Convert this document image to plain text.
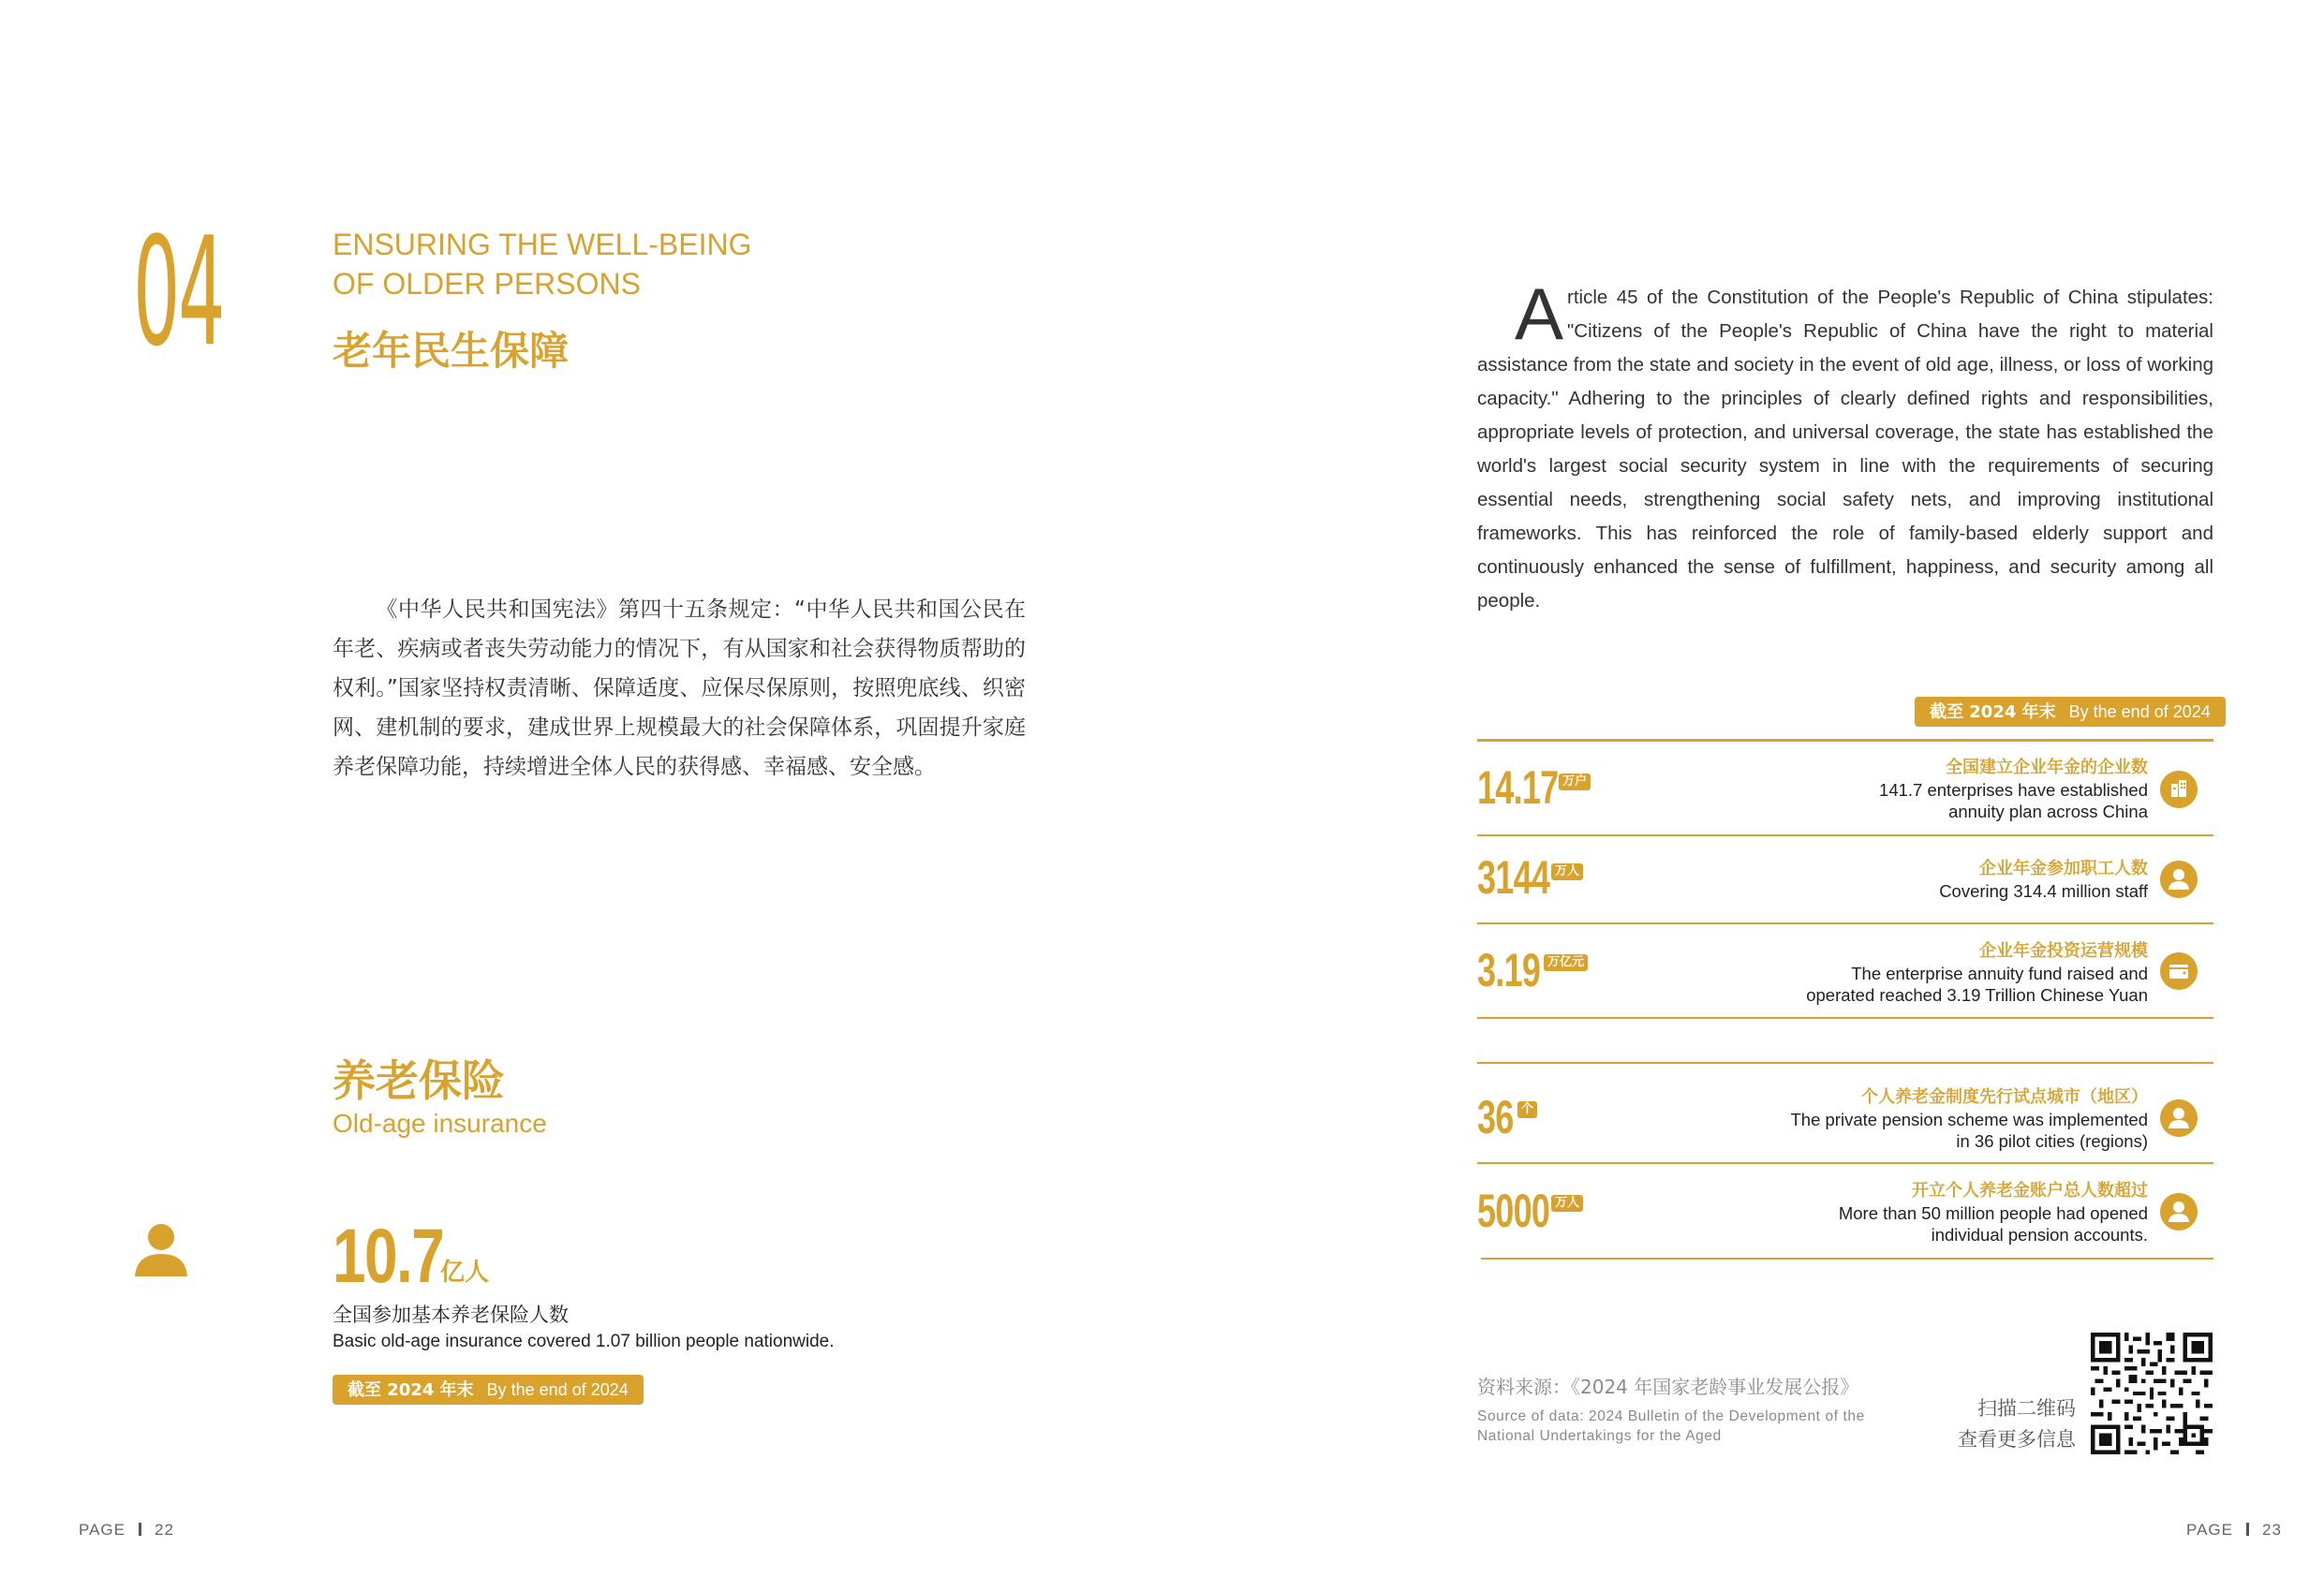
04	ENSURING THE WELL-BEING
OF OLDER PERSONS
老年民生保障
《中华人民共和国宪法》第四十五条规定：“中华人民共和国公民在年老、疾病或者丧失劳动能力的情况下，有从国家和社会获得物质帮助的权利。”国家坚持权责清晰、保障适度、应保尽保原则，按照兜底线、织密网、建机制的要求，建成世界上规模最大的社会保障体系，巩固提升家庭养老保障功能，持续增进全体人民的获得感、幸福感、安全感。
养老保险
Old-age insurance
10.7
亿人
全国参加基本养老保险人数
Basic old-age insurance covered 1.07 billion people nationwide.
截至 2024 年末 By the end of 2024
PAGE 22
Article 45 of the Constitution of the People's Republic of China stipulates: "Citizens of the People's Republic of China have the right to material assistance from the state and society in the event of old age, illness, or loss of working capacity." Adhering to the principles of clearly defined rights and responsibilities, appropriate levels of protection, and universal coverage, the state has established the world's largest social security system in line with the requirements of securing essential needs, strengthening social safety nets, and improving institutional frameworks. This has reinforced the role of family-based elderly support and continuously enhanced the sense of fulfillment, happiness, and security among all people.
截至 2024 年末 By the end of 2024
14.17 万户
全国建立企业年金的企业数
141.7 enterprises have established
annuity plan across China
3144 万人	企业年金参加职工人数
Covering 314.4 million staff
3.19 万亿元
企业年金投资运营规模
The enterprise annuity fund raised and
operated reached 3.19 Trillion Chinese Yuan
36 个
个人养老金制度先行试点城市（地区）
The private pension scheme was implemented
in 36 pilot cities (regions)
5000 万人
开立个人养老金账户总人数超过
More than 50 million people had opened
individual pension accounts.
资料来源：《2024 年国家老龄事业发展公报》
Source of data: 2024 Bulletin of the Development of the
National Undertakings for the Aged
扫描二维码
查看更多信息
PAGE 23
